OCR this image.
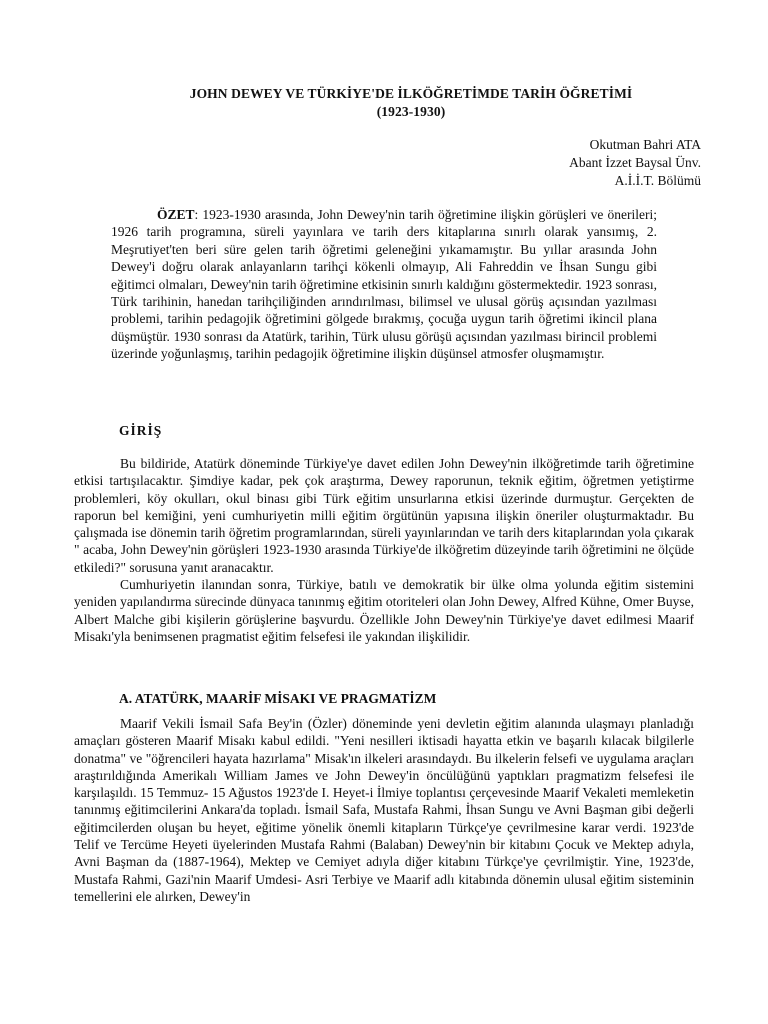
JOHN DEWEY VE TÜRKİYE'DE İLKÖĞRETİMDE TARİH ÖĞRETİMİ
(1923-1930)
Okutman Bahri ATA
Abant İzzet Baysal Ünv.
A.İ.İ.T. Bölümü

ÖZET: 1923-1930 arasında, John Dewey'nin tarih öğretimine ilişkin görüşleri ve önerileri; 1926 tarih programına, süreli yayınlara ve tarih ders kitaplarına sınırlı olarak yansımış, 2. Meşrutiyet'ten beri süre gelen tarih öğretimi geleneğini yıkamamıştır. Bu yıllar arasında John Dewey'i doğru olarak anlayanların tarihçi kökenli olmayıp, Ali Fahreddin ve İhsan Sungu gibi eğitimci olmaları, Dewey'nin tarih öğretimine etkisinin sınırlı kaldığını göstermektedir. 1923 sonrası, Türk tarihinin, hanedan tarihçiliğinden arındırılması, bilimsel ve ulusal görüş açısından yazılması problemi, tarihin pedagojik öğretimini gölgede bırakmış, çocuğa uygun tarih öğretimi ikincil plana düşmüştür. 1930 sonrası da Atatürk, tarihin, Türk ulusu görüşü açısından yazılması birincil problemi üzerinde yoğunlaşmış, tarihin pedagojik öğretimine ilişkin düşünsel atmosfer oluşmamıştır.

GİRİŞ

Bu bildiride, Atatürk döneminde Türkiye'ye davet edilen John Dewey'nin ilköğretimde tarih öğretimine etkisi tartışılacaktır. Şimdiye kadar, pek çok araştırma, Dewey raporunun, teknik eğitim, öğretmen yetiştirme problemleri, köy okulları, okul binası gibi Türk eğitim unsurlarına etkisi üzerinde durmuştur. Gerçekten de raporun bel kemiğini, yeni cumhuriyetin milli eğitim örgütünün yapısına ilişkin öneriler oluşturmaktadır. Bu çalışmada ise dönemin tarih öğretim programlarından, süreli yayınlarından ve tarih ders kitaplarından yola çıkarak " acaba, John Dewey'nin görüşleri 1923-1930 arasında Türkiye'de ilköğretim düzeyinde tarih öğretimini ne ölçüde etkiledi?" sorusuna yanıt aranacaktır.

Cumhuriyetin ilanından sonra, Türkiye, batılı ve demokratik bir ülke olma yolunda eğitim sistemini yeniden yapılandırma sürecinde dünyaca tanınmış eğitim otoriteleri olan John Dewey, Alfred Kühne, Omer Buyse, Albert Malche gibi kişilerin görüşlerine başvurdu. Özellikle John Dewey'nin Türkiye'ye davet edilmesi Maarif Misakı'yla benimsenen pragmatist eğitim felsefesi ile yakından ilişkilidir.

A. ATATÜRK, MAARİF MİSAKI VE PRAGMATİZM

Maarif Vekili İsmail Safa Bey'in (Özler) döneminde yeni devletin eğitim alanında ulaşmayı planladığı amaçları gösteren Maarif Misakı kabul edildi. "Yeni nesilleri iktisadi hayatta etkin ve başarılı kılacak bilgilerle donatma" ve "öğrencileri hayata hazırlama" Misak'ın ilkeleri arasındaydı. Bu ilkelerin felsefi ve uygulama araçları araştırıldığında Amerikalı William James ve John Dewey'in öncülüğünü yaptıkları pragmatizm felsefesi ile karşılaşıldı. 15 Temmuz- 15 Ağustos 1923'de I. Heyet-i İlmiye toplantısı çerçevesinde Maarif Vekaleti memleketin tanınmış eğitimcilerini Ankara'da topladı. İsmail Safa, Mustafa Rahmi, İhsan Sungu ve Avni Başman gibi değerli eğitimcilerden oluşan bu heyet, eğitime yönelik önemli kitapların Türkçe'ye çevrilmesine karar verdi. 1923'de Telif ve Tercüme Heyeti üyelerinden Mustafa Rahmi (Balaban) Dewey'nin bir kitabını Çocuk ve Mektep adıyla, Avni Başman da (1887-1964), Mektep ve Cemiyet adıyla diğer kitabını Türkçe'ye çevrilmiştir. Yine, 1923'de, Mustafa Rahmi, Gazi'nin Maarif Umdesi- Asri Terbiye ve Maarif adlı kitabında dönemin ulusal eğitim sisteminin temellerini ele alırken, Dewey'in
